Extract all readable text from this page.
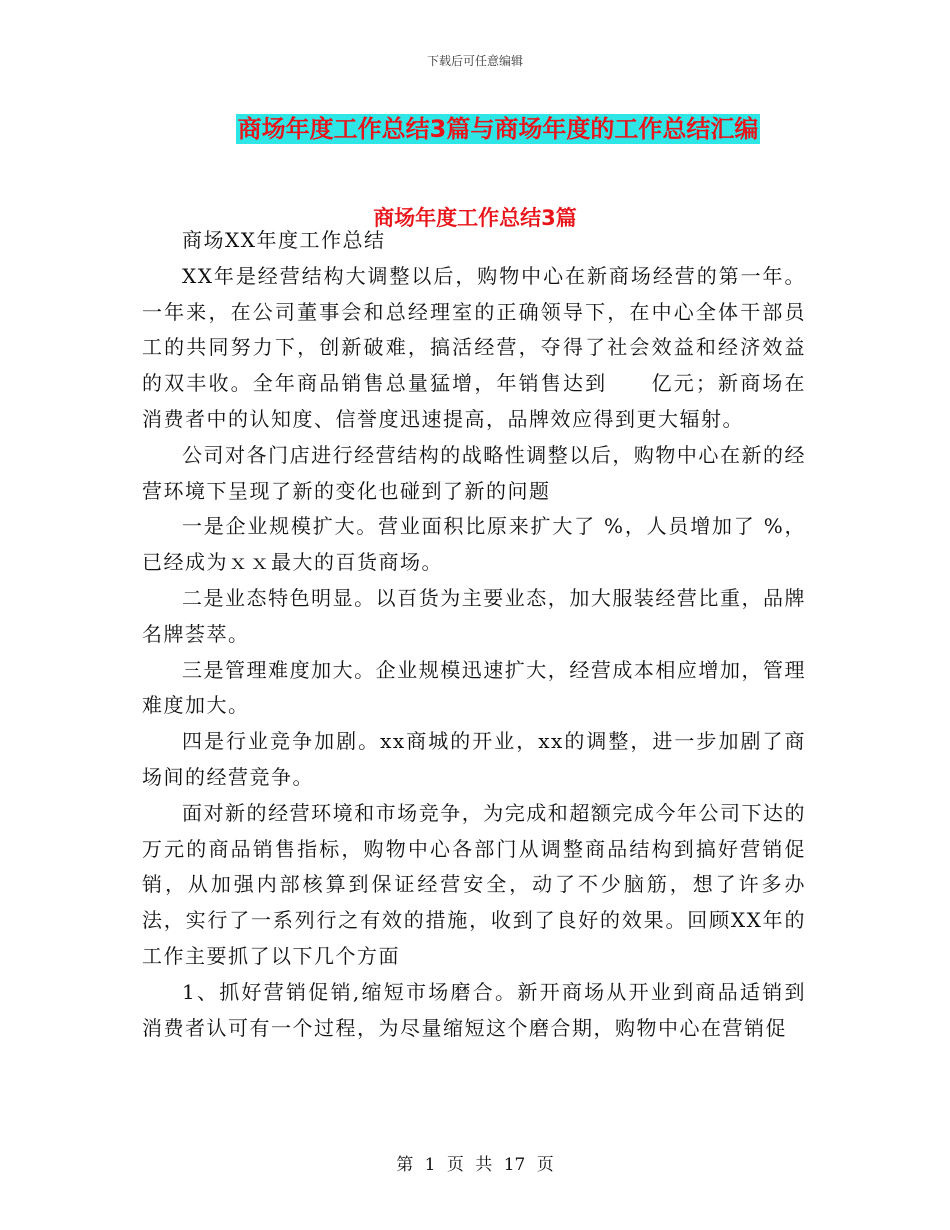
下载后可任意编辑
商场年度工作总结3篇与商场年度的工作总结汇编
商场年度工作总结3篇

商场XX年度工作总结

XX年是经营结构大调整以后，购物中心在新商场经营的第一年。一年来，在公司董事会和总经理室的正确领导下，在中心全体干部员工的共同努力下，创新破难，搞活经营，夺得了社会效益和经济效益的双丰收。全年商品销售总量猛增，年销售达到　　亿元；新商场在消费者中的认知度、信誉度迅速提高，品牌效应得到更大辐射。

公司对各门店进行经营结构的战略性调整以后，购物中心在新的经营环境下呈现了新的变化也碰到了新的问题

一是企业规模扩大。营业面积比原来扩大了 %，人员增加了 %，已经成为ｘｘ最大的百货商场。

二是业态特色明显。以百货为主要业态，加大服装经营比重，品牌名牌荟萃。

三是管理难度加大。企业规模迅速扩大，经营成本相应增加，管理难度加大。

四是行业竞争加剧。xx商城的开业，xx的调整，进一步加剧了商场间的经营竞争。

面对新的经营环境和市场竞争，为完成和超额完成今年公司下达的万元的商品销售指标，购物中心各部门从调整商品结构到搞好营销促销，从加强内部核算到保证经营安全，动了不少脑筋，想了许多办法，实行了一系列行之有效的措施，收到了良好的效果。回顾XX年的工作主要抓了以下几个方面

1、抓好营销促销,缩短市场磨合。新开商场从开业到商品适销到消费者认可有一个过程，为尽量缩短这个磨合期，购物中心在营销促

第 1 页 共 17 页
